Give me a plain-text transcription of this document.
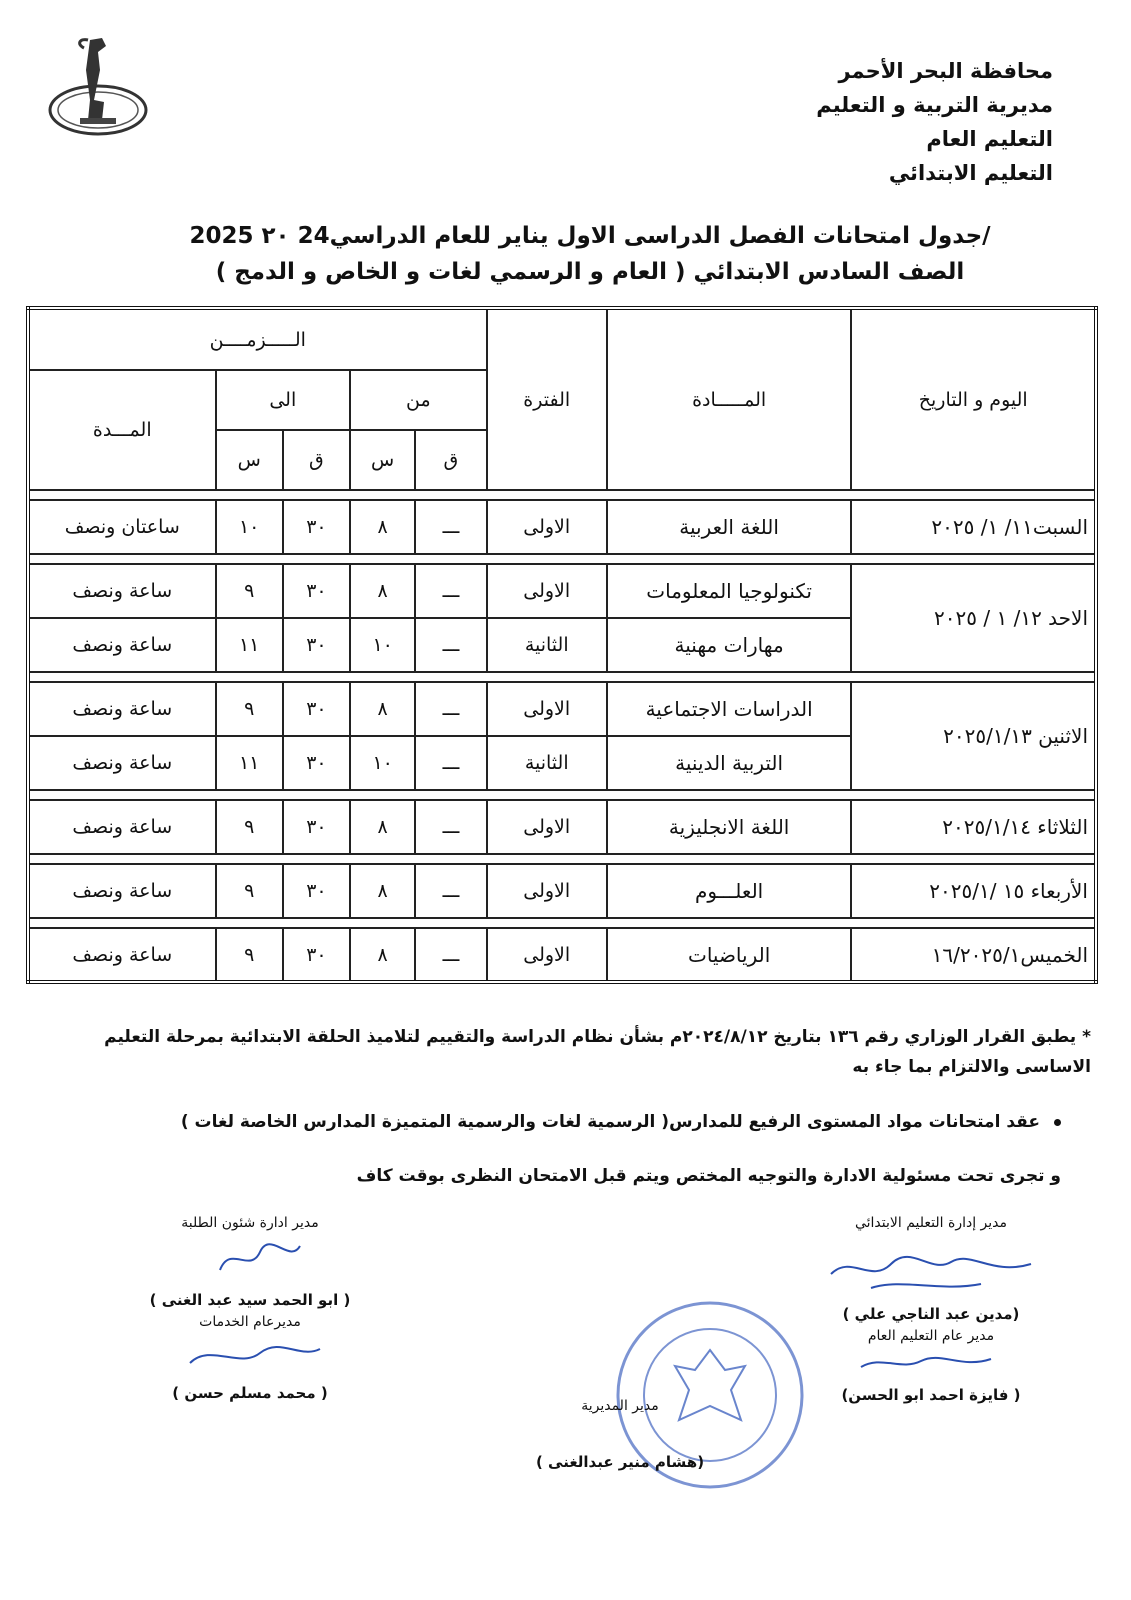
محافظة البحر الأحمر
مديرية التربية و التعليم
التعليم العام
التعليم الابتدائي
جدول امتحانات الفصل الدراسى الاول يناير للعام الدراسي24 ٢٠ 2025/
الصف السادس الابتدائي ( العام و الرسمي لغات و الخاص و الدمج )
اليوم و التاريخ	المـــــادة	الفترة	الـــــزمــــن				
			من		الى		المـــدة
			ق	س	ق	س	

السبت١١/ ١/ ٢٠٢٥	اللغة العربية	الاولى	ـــ	٨	٣٠	١٠	ساعتان ونصف

الاحد ١٢/ ١ / ٢٠٢٥	تكنولوجيا المعلومات	الاولى	ـــ	٨	٣٠	٩	ساعة ونصف
	مهارات مهنية	الثانية	ـــ	١٠	٣٠	١١	ساعة ونصف

الاثنين ٢٠٢٥/١/١٣	الدراسات الاجتماعية	الاولى	ـــ	٨	٣٠	٩	ساعة ونصف
	التربية الدينية	الثانية	ـــ	١٠	٣٠	١١	ساعة ونصف

الثلاثاء ٢٠٢٥/١/١٤	اللغة الانجليزية	الاولى	ـــ	٨	٣٠	٩	ساعة ونصف

الأربعاء ١٥ /٢٠٢٥/١	العلـــوم	الاولى	ـــ	٨	٣٠	٩	ساعة ونصف

الخميس١٦/٢٠٢٥/١	الرياضيات	الاولى	ـــ	٨	٣٠	٩	ساعة ونصف
* يطبق القرار الوزاري رقم ١٣٦ بتاريخ ٢٠٢٤/٨/١٢م بشأن نظام الدراسة والتقييم لتلاميذ الحلقة الابتدائية بمرحلة التعليم الاساسى والالتزام بما جاء به
عقد امتحانات مواد المستوى الرفيع للمدارس( الرسمية لغات والرسمية المتميزة المدارس الخاصة لغات )
و تجرى تحت مسئولية الادارة والتوجيه المختص ويتم قبل الامتحان النظرى بوقت كاف
مدير إدارة التعليم الابتدائي
(مدين عبد الناجي علي )
مدير عام التعليم العام
( فايزة احمد ابو الحسن)
مدير ادارة شئون الطلبة
( ابو الحمد سيد عبد الغنى )
مديرعام الخدمات
( محمد مسلم حسن )
مدير المديرية
(هشام منير عبدالغنى )
